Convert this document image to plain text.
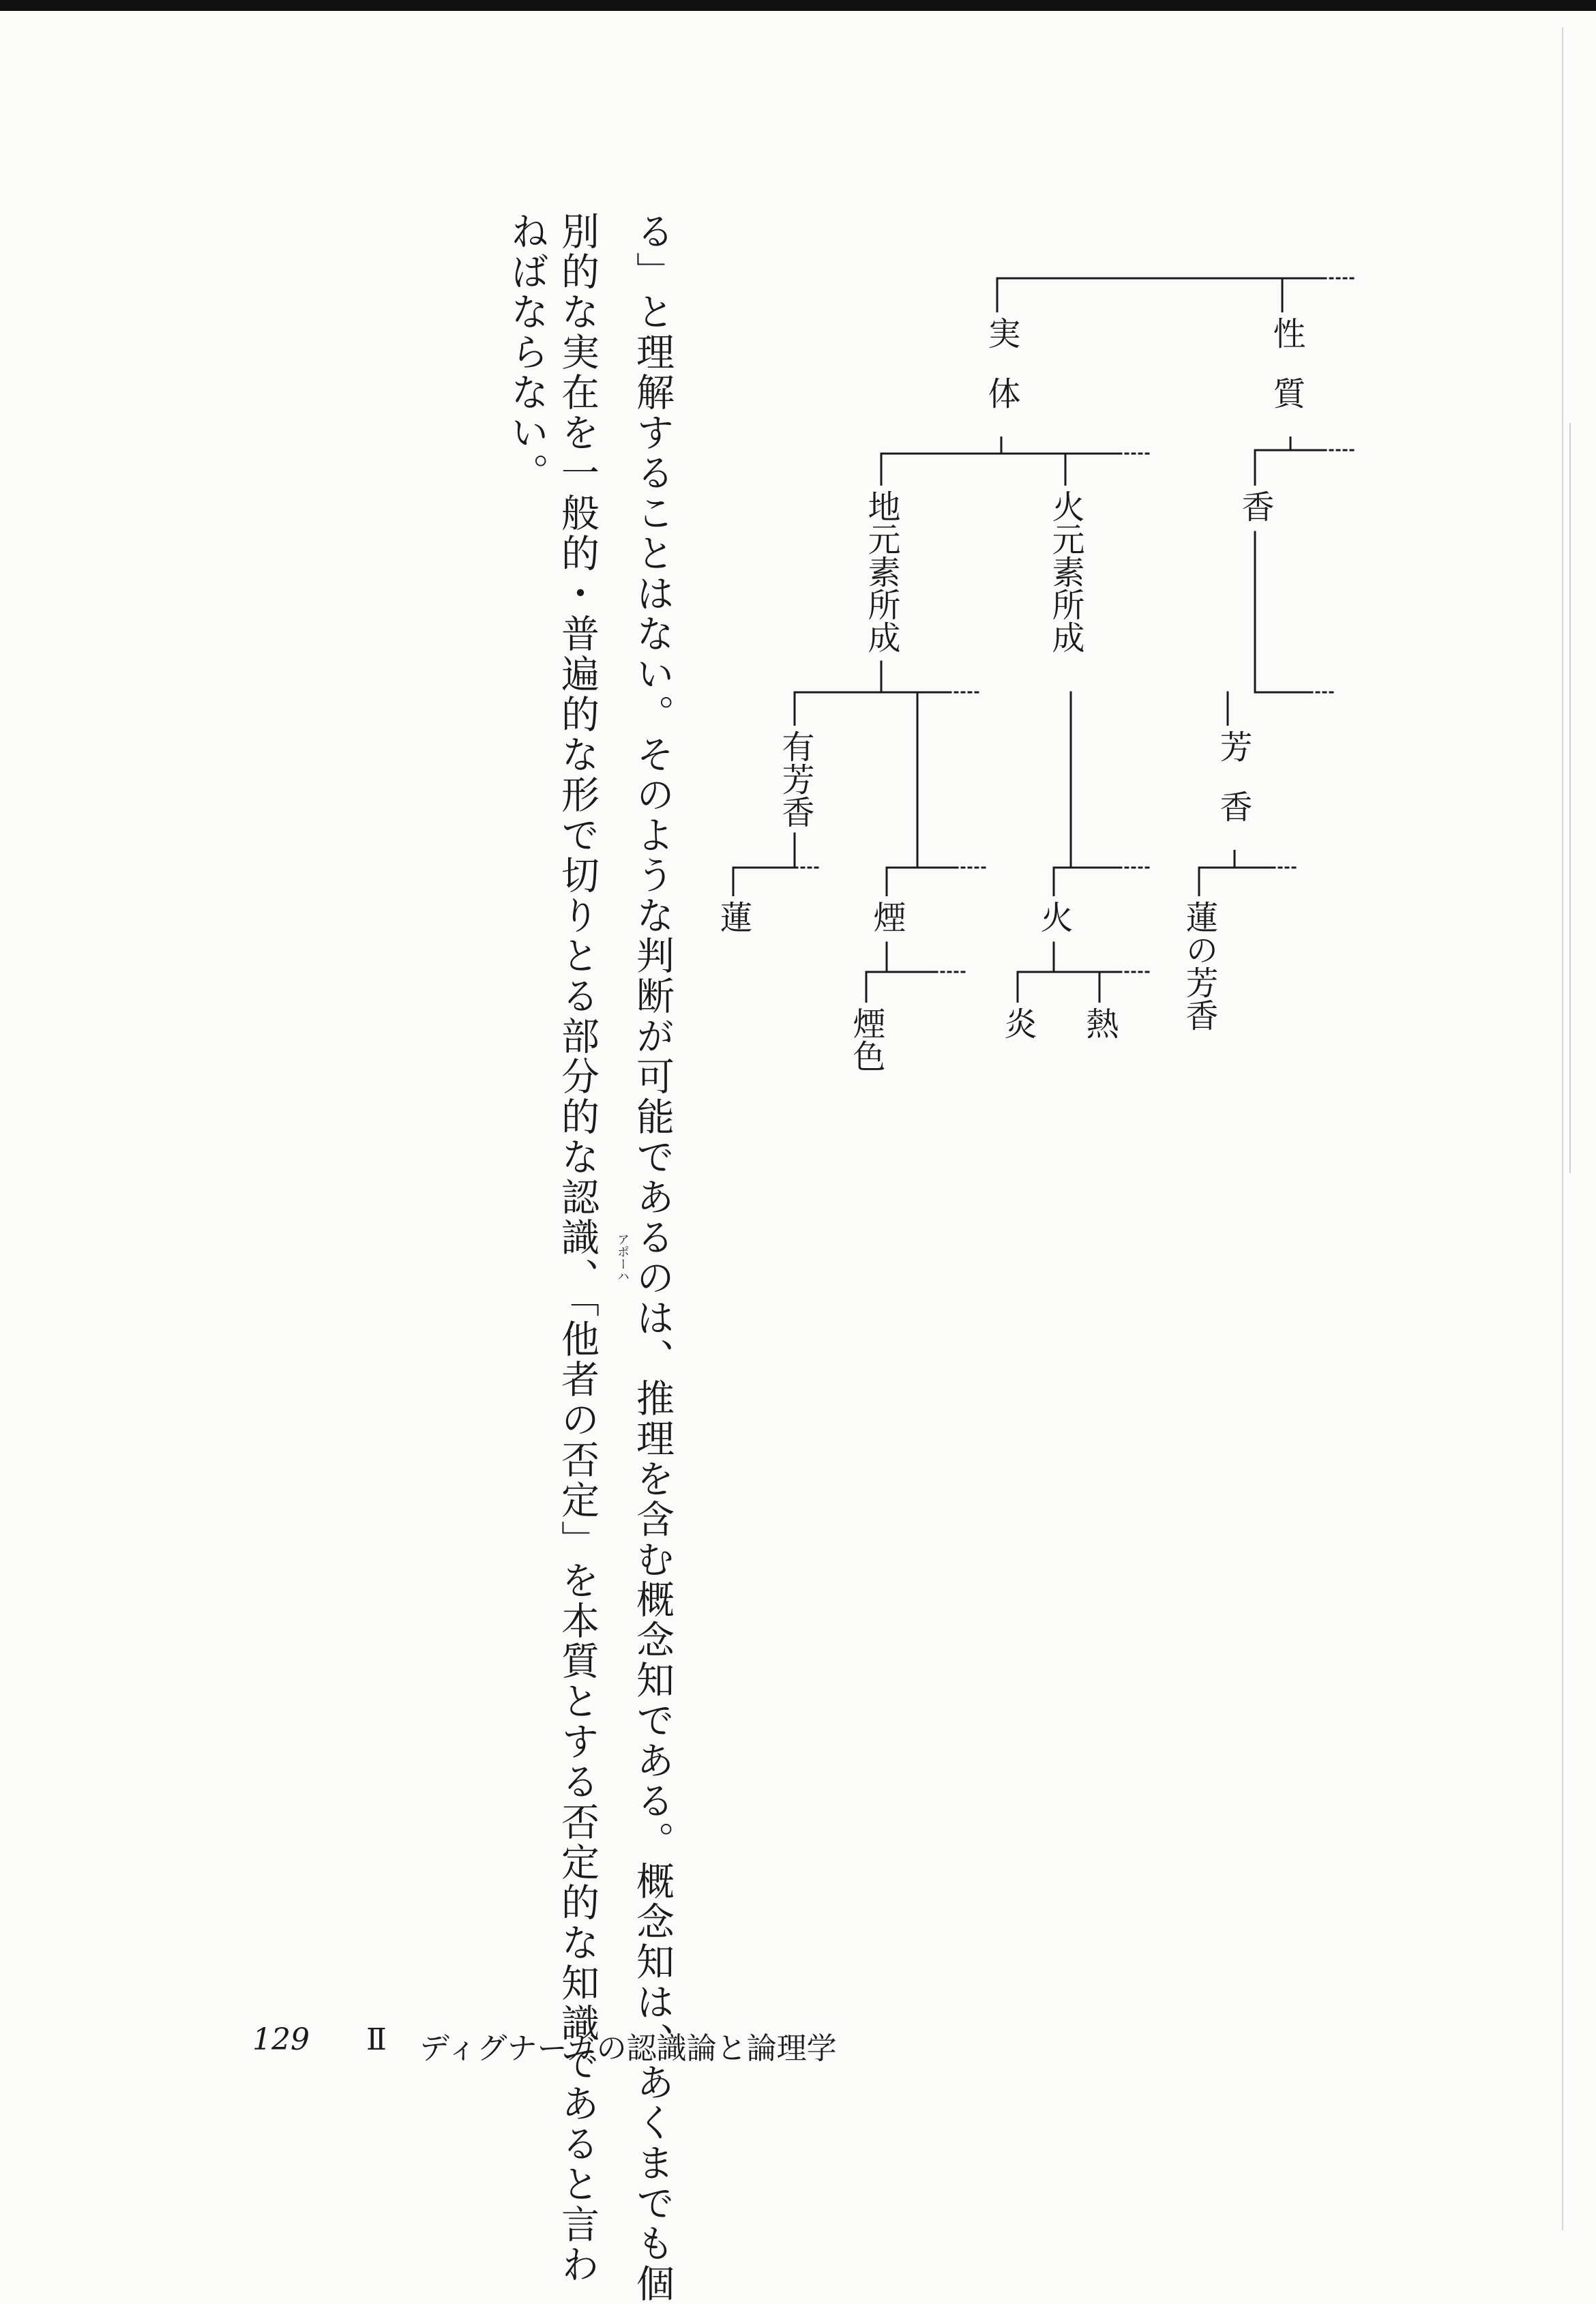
性質
実体
香
芳香
蓮の芳香
火元素所成
地元素所成
有芳香
蓮	煙
煙色
火
炎 熱
る」と理解することはない。そのような判断が可能であるのは、推理を含む概念知である。概念知は、あくまでも個
別的な実在を一般的・普遍的な形で切りとる部分的な認識、「他者の否定」を本質とする否定的な知識であると言わ
ねばならない。
アポーハ
129 Ⅱ ディグナーガの認識論と論理学
